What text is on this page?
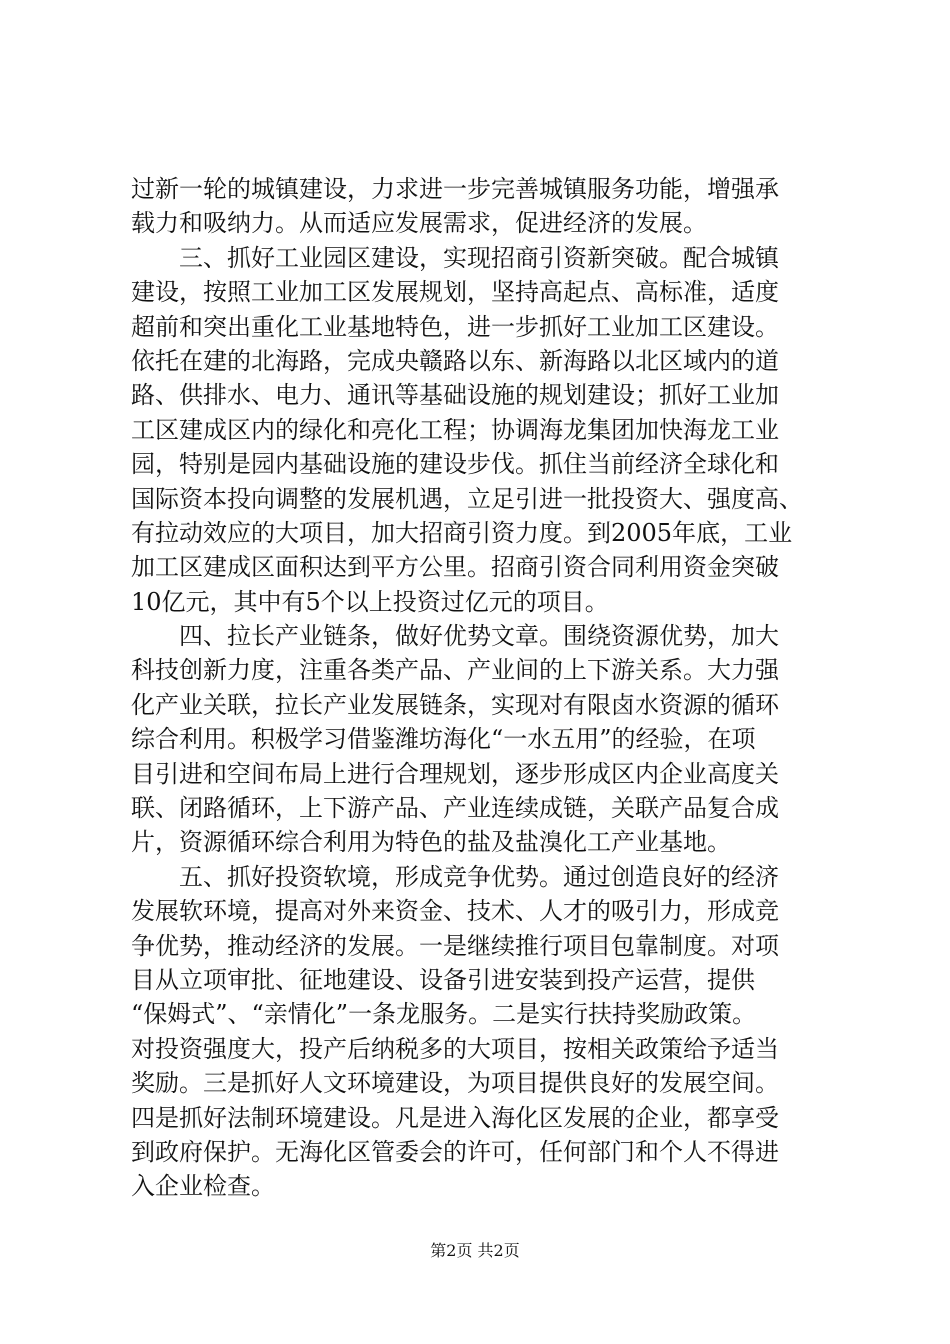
过新一轮的城镇建设，力求进一步完善城镇服务功能，增强承
载力和吸纳力。从而适应发展需求，促进经济的发展。
　　三、抓好工业园区建设，实现招商引资新突破。配合城镇
建设，按照工业加工区发展规划，坚持高起点、高标准，适度
超前和突出重化工业基地特色，进一步抓好工业加工区建设。
依托在建的北海路，完成央赣路以东、新海路以北区域内的道
路、供排水、电力、通讯等基础设施的规划建设；抓好工业加
工区建成区内的绿化和亮化工程；协调海龙集团加快海龙工业
园，特别是园内基础设施的建设步伐。抓住当前经济全球化和
国际资本投向调整的发展机遇，立足引进一批投资大、强度高、
有拉动效应的大项目，加大招商引资力度。到2005年底，工业
加工区建成区面积达到平方公里。招商引资合同利用资金突破
10亿元，其中有5个以上投资过亿元的项目。
　　四、拉长产业链条，做好优势文章。围绕资源优势，加大
科技创新力度，注重各类产品、产业间的上下游关系。大力强
化产业关联，拉长产业发展链条，实现对有限卤水资源的循环
综合利用。积极学习借鉴潍坊海化“一水五用”的经验，在项
目引进和空间布局上进行合理规划，逐步形成区内企业高度关
联、闭路循环，上下游产品、产业连续成链，关联产品复合成
片，资源循环综合利用为特色的盐及盐溴化工产业基地。
　　五、抓好投资软境，形成竞争优势。通过创造良好的经济
发展软环境，提高对外来资金、技术、人才的吸引力，形成竞
争优势，推动经济的发展。一是继续推行项目包靠制度。对项
目从立项审批、征地建设、设备引进安装到投产运营，提供
“保姆式”、“亲情化”一条龙服务。二是实行扶持奖励政策。
对投资强度大，投产后纳税多的大项目，按相关政策给予适当
奖励。三是抓好人文环境建设，为项目提供良好的发展空间。
四是抓好法制环境建设。凡是进入海化区发展的企业，都享受
到政府保护。无海化区管委会的许可，任何部门和个人不得进
入企业检查。
第2页 共2页
